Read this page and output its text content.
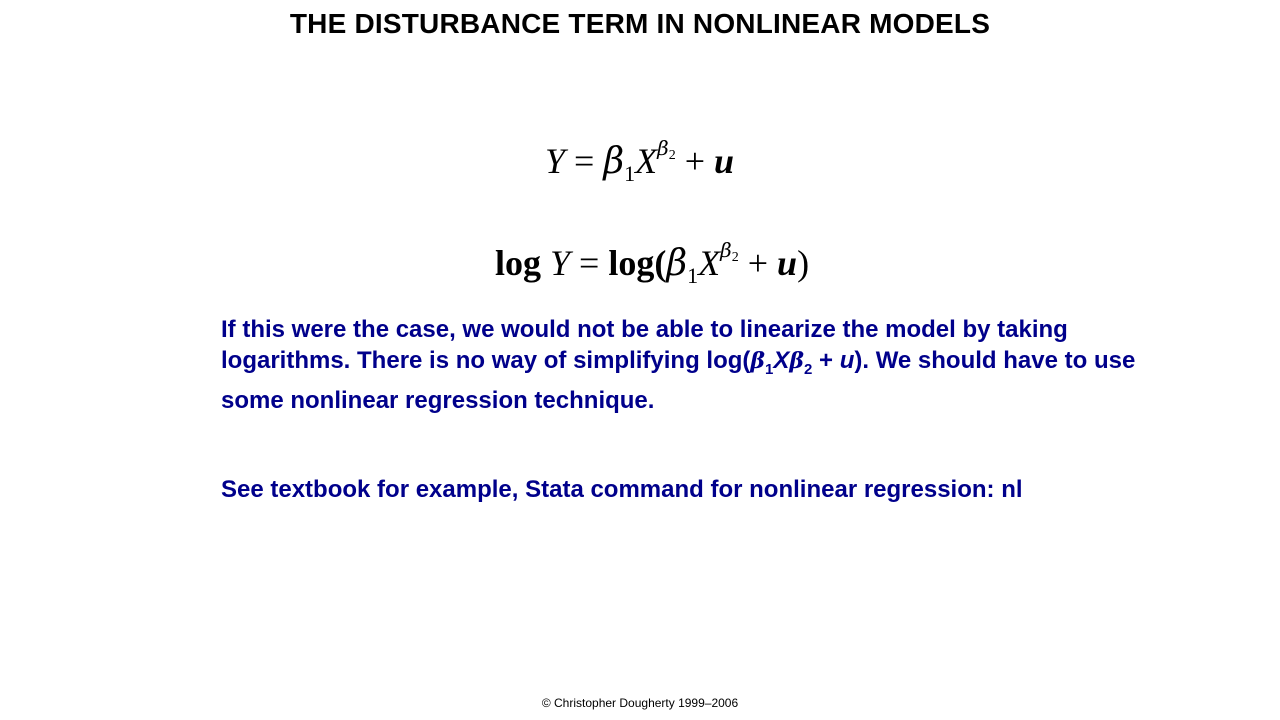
THE DISTURBANCE TERM IN NONLINEAR MODELS
$Y = \beta_1X^{\beta_2} + u$
$\log Y = \log(\beta_1X^{\beta_2} + u)$
If this were the case, we would not be able to linearize the model by taking logarithms. There is no way of simplifying $\log(\beta_1X\beta_2 + u)$. We should have to use some nonlinear regression technique.
See textbook for example, Stata command for nonlinear regression: nl
© Christopher Dougherty 1999–2006
